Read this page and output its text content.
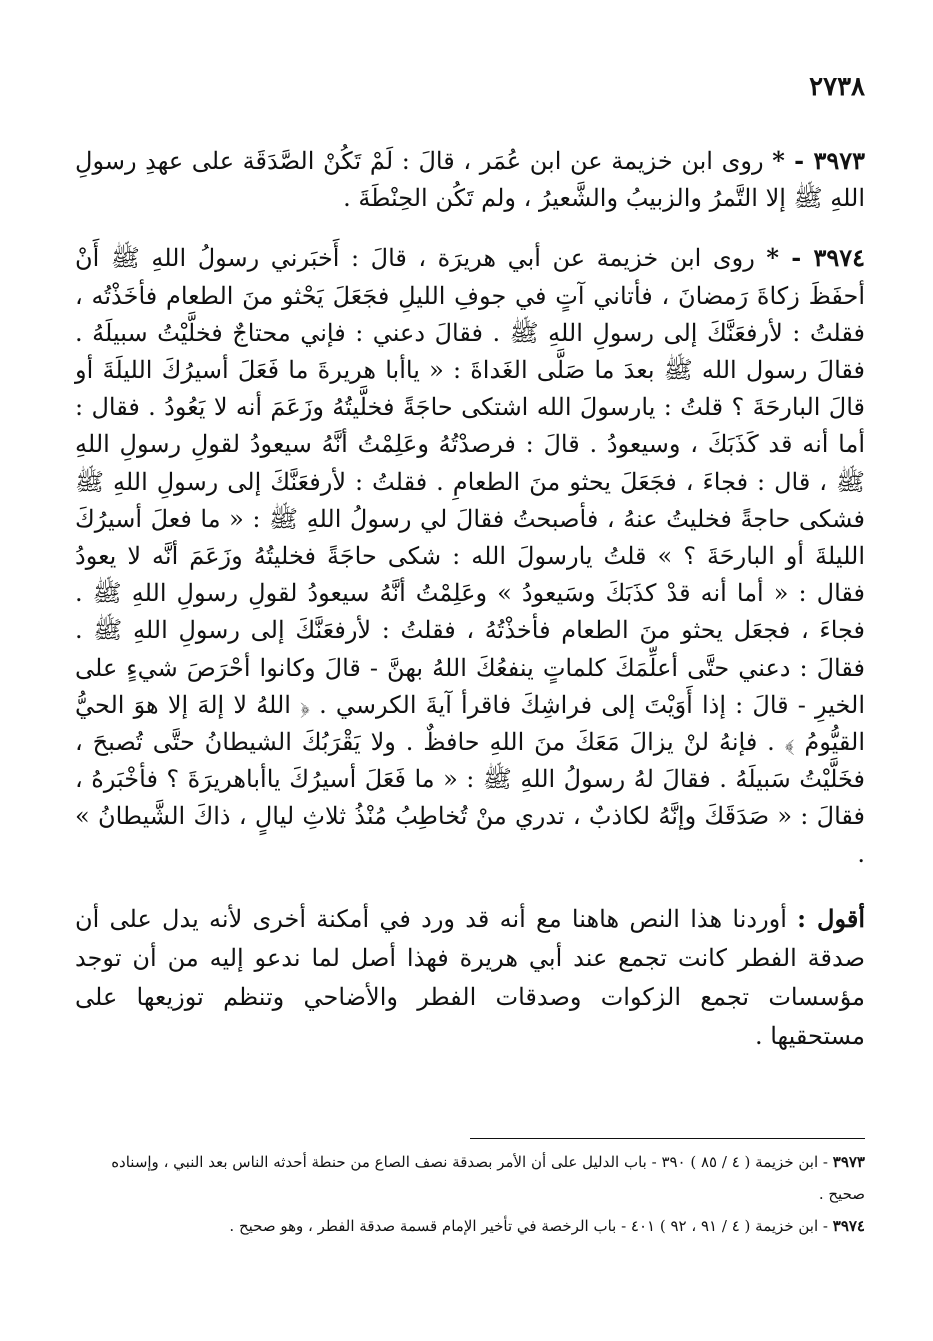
٢٧٣٨

٣٩٧٣ - * روى ابن خزيمة عن ابن عُمَر ، قالَ : لَمْ تَكُنْ الصَّدَقَة على عهدِ رسولِ اللهِ ﷺ إلا التَّمرُ والزبيبُ والشَّعيرُ ، ولم تَكُن الحِنْطَةَ .

٣٩٧٤ - * روى ابن خزيمة عن أبي هريرَة ، قالَ : أَخبَرني رسولُ اللهِ ﷺ أَنْ أحفَظَ زكاةَ رَمضانَ ، فأتاني آتٍ في جوفِ الليلِ فجَعَلَ يَحْثو منَ الطعام فأخَذْتُه ، فقلتُ : لأرفعَنَّكَ إلى رسولِ اللهِ ﷺ . فقالَ دعني : فإني محتاجٌ فخلَّيْتُ سبيلَهُ . فقالَ رسول الله ﷺ بعدَ ما صَلَّى الغَداةَ : « ياأبا هريرةَ ما فَعَلَ أسيرُكَ الليلَةَ أو قالَ البارحَةَ ؟ قلتُ : يارسولَ الله اشتكى حاجَةً فخلَّيتُهُ وزَعَمَ أنه لا يَعُودُ . فقال : أما أنه قد كَذَبَكَ ، وسيعودُ . قالَ : فرصدْتُهُ وعَلِمْتُ أنَّهُ سيعودُ لقولِ رسولِ اللهِ ﷺ ، قال : فجاءَ ، فجَعَلَ يحثو منَ الطعامِ . فقلتُ : لأرفعَنَّكَ إلى رسولِ اللهِ ﷺ فشكى حاجةً فخليتُ عنهُ ، فأصبحتُ فقالَ لي رسولُ اللهِ ﷺ : « ما فعلَ أسيرُكَ الليلةَ أو البارحَةَ ؟ » قلتُ يارسولَ الله : شكى حاجَةً فخليتُهُ وزَعَمَ أنَّه لا يعودُ فقال : « أما أنه قدْ كذَبَكَ وسَيعودُ » وعَلِمْتُ أنَّهُ سيعودُ لقولِ رسولِ اللهِ ﷺ . فجاءَ ، فجعَل يحثو منَ الطعام فأخذْتُهُ ، فقلتُ : لأرفعَنَّكَ إلى رسولِ اللهِ ﷺ . فقالَ : دعني حتَّى أعلِّمَكَ كلماتٍ ينفعُكَ اللهُ بهنَّ - قالَ وكانوا أحْرَصَ شيءٍ على الخيرِ - قالَ : إذا أَوَيْتَ إلى فراشِكَ فاقرأ آيةَ الكرسي . ﴿ اللهُ لا إلهَ إلا هوَ الحيُّ القيُّومُ ﴾ . فإنهُ لنْ يزالَ مَعَكَ منَ اللهِ حافظٌ . ولا يَقْرَبُكَ الشيطانُ حتَّى تُصبحَ ، فخَلَّيْتُ سَبيلَهُ . فقالَ لهُ رسولُ اللهِ ﷺ : « ما فَعَلَ أسيرُكَ ياأباهريرَةَ ؟ فأخْبَرهُ ، فقالَ : « صَدَقَكَ وإنَّهُ لكاذبٌ ، تدري منْ تُخاطِبُ مُنْذُ ثلاثِ ليالٍ ، ذاكَ الشَّيطانُ » .

أقول : أوردنا هذا النص هاهنا مع أنه قد ورد في أمكنة أخرى لأنه يدل على أن صدقة الفطر كانت تجمع عند أبي هريرة فهذا أصل لما ندعو إليه من أن توجد مؤسسات تجمع الزكوات وصدقات الفطر والأضاحي وتنظم توزيعها على مستحقيها .

٣٩٧٣ - ابن خزيمة ( ٤ / ٨٥ ) ٣٩٠ - باب الدليل على أن الأمر بصدقة نصف الصاع من حنطة أحدثه الناس بعد النبي ، وإسناده صحيح .

٣٩٧٤ - ابن خزيمة ( ٤ / ٩١ ، ٩٢ ) ٤٠١ - باب الرخصة في تأخير الإمام قسمة صدقة الفطر ، وهو صحيح .
